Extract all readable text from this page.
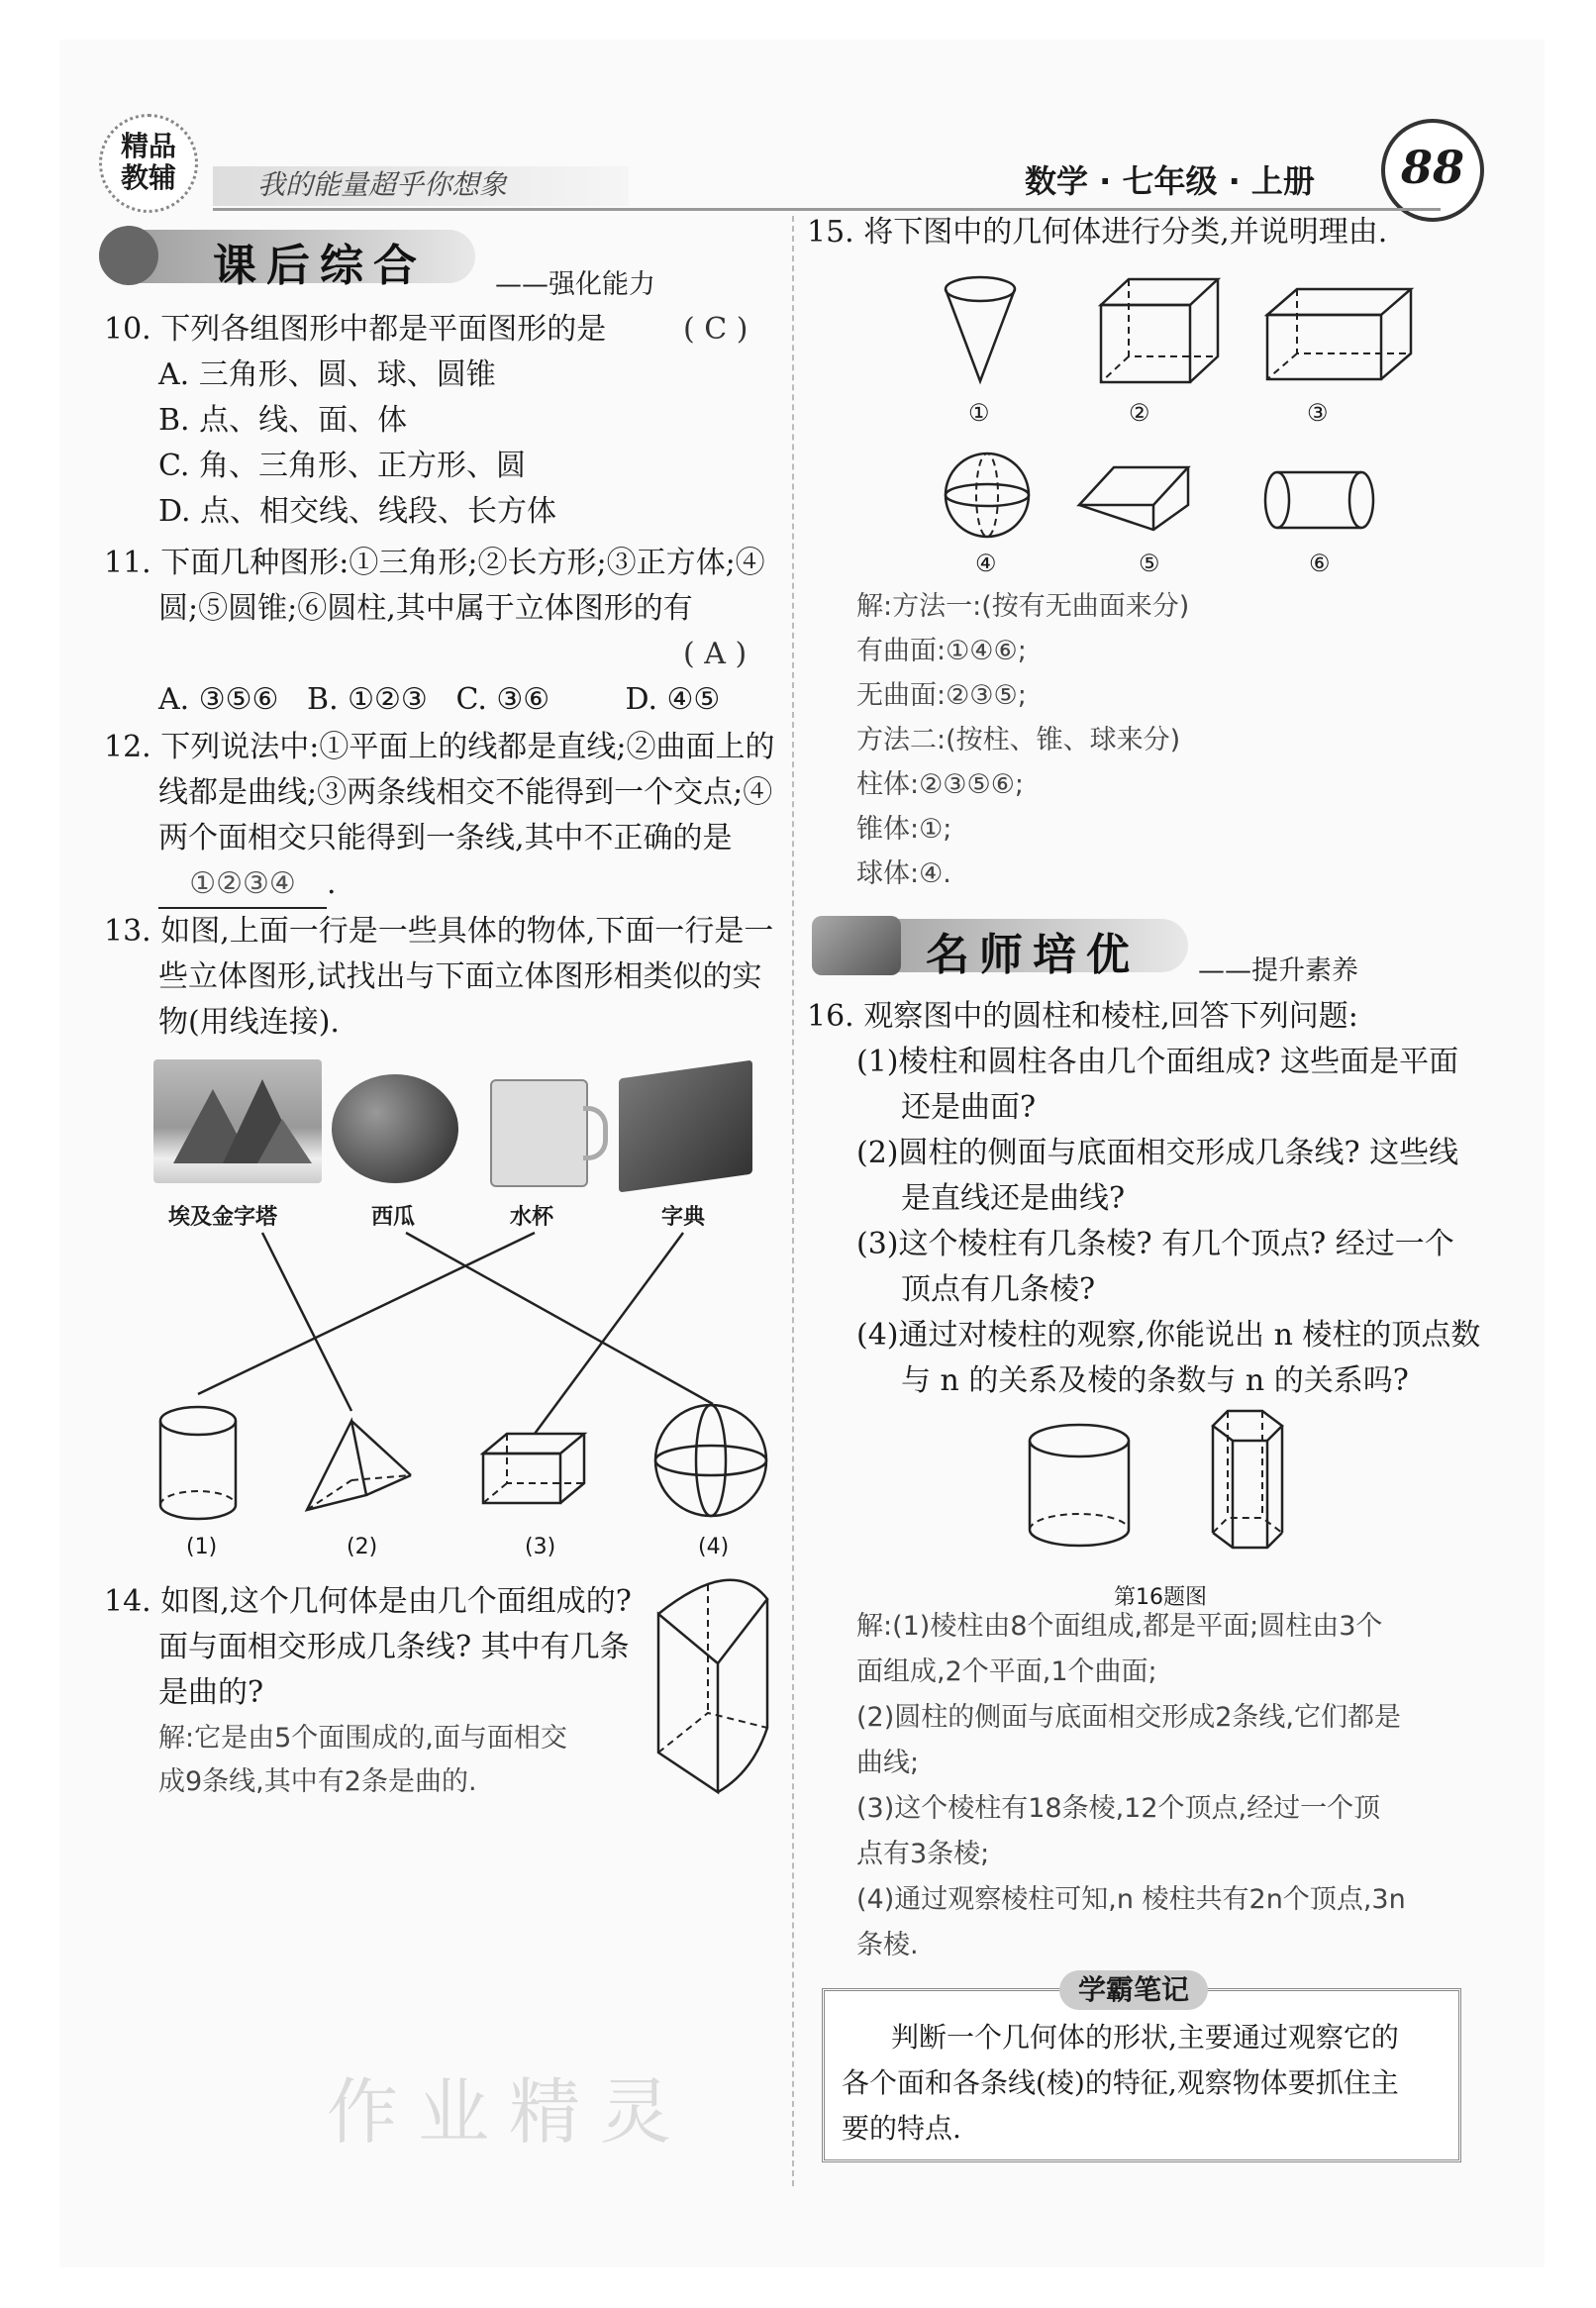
精品
教辅	我的能量超乎你想象	数学 · 七年级 · 上册	88
课后综合	——强化能力
10. 下列各组图形中都是平面图形的是	( C )
A. 三角形、圆、球、圆锥
B. 点、线、面、体
C. 角、三角形、正方形、圆
D. 点、相交线、线段、长方体
11. 下面几种图形:①三角形;②长方形;③正方体;④
圆;⑤圆锥;⑥圆柱,其中属于立体图形的有
( A )
A. ③⑤⑥   B. ①②③   C. ③⑥        D. ④⑤
12. 下列说法中:①平面上的线都是直线;②曲面上的
线都是曲线;③两条线相交不能得到一个交点;④
两个面相交只能得到一条线,其中不正确的是
①②③④	.
13. 如图,上面一行是一些具体的物体,下面一行是一
些立体图形,试找出与下面立体图形相类似的实
物(用线连接).
埃及金字塔	西瓜	水杯	字典
(1)	(2)	(3)	(4)
14. 如图,这个几何体是由几个面组成的?
面与面相交形成几条线? 其中有几条
是曲的?
解:它是由5个面围成的,面与面相交
成9条线,其中有2条是曲的.
15. 将下图中的几何体进行分类,并说明理由.
①	②	③
④	⑤	⑥
解:方法一:(按有无曲面来分)
有曲面:①④⑥;
无曲面:②③⑤;
方法二:(按柱、锥、球来分)
柱体:②③⑤⑥;
锥体:①;
球体:④.
名师培优 ——提升素养
16. 观察图中的圆柱和棱柱,回答下列问题:
(1)棱柱和圆柱各由几个面组成? 这些面是平面
还是曲面?
(2)圆柱的侧面与底面相交形成几条线? 这些线
是直线还是曲线?
(3)这个棱柱有几条棱? 有几个顶点? 经过一个
顶点有几条棱?
(4)通过对棱柱的观察,你能说出 n 棱柱的顶点数
与 n 的关系及棱的条数与 n 的关系吗?
第16题图
解:(1)棱柱由8个面组成,都是平面;圆柱由3个
面组成,2个平面,1个曲面;
(2)圆柱的侧面与底面相交形成2条线,它们都是
曲线;
(3)这个棱柱有18条棱,12个顶点,经过一个顶
点有3条棱;
(4)通过观察棱柱可知,n 棱柱共有2n个顶点,3n
条棱.
学霸笔记
判断一个几何体的形状,主要通过观察它的
各个面和各条线(棱)的特征,观察物体要抓住主
要的特点.
作业精灵
